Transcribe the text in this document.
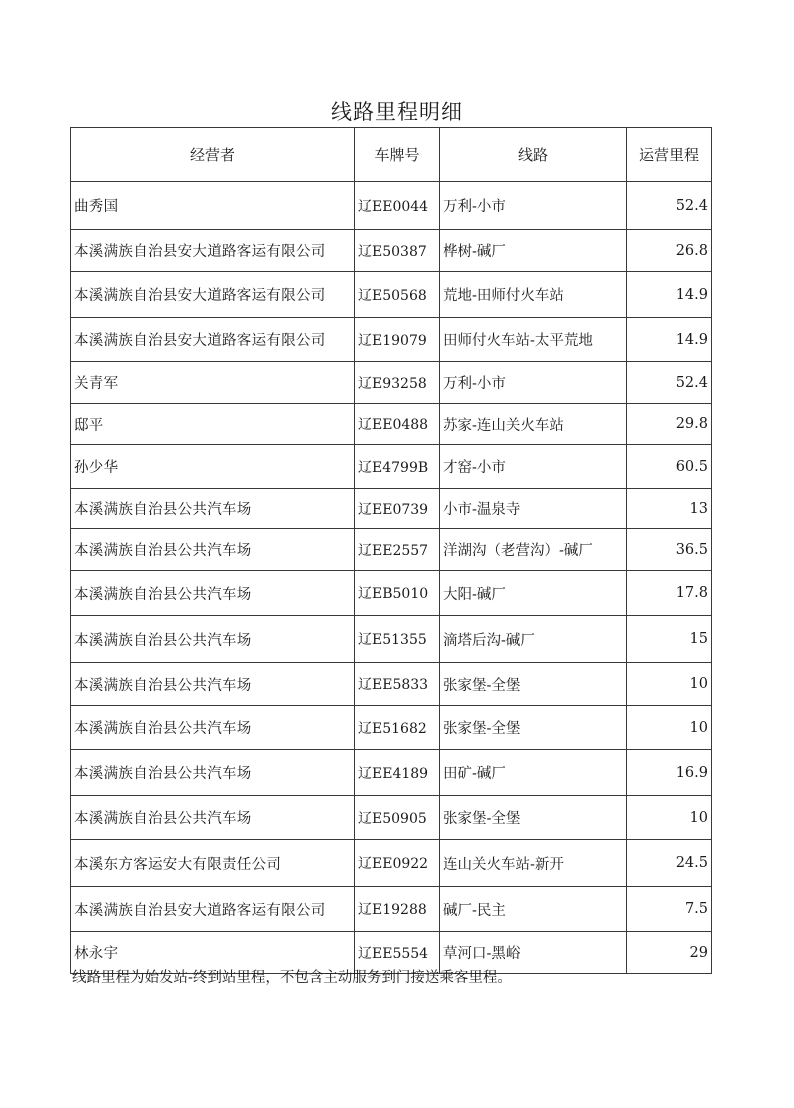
线路里程明细
经营者	车牌号	线路	运营里程
曲秀国	辽EE0044	万利-小市	52.4
本溪满族自治县安大道路客运有限公司	辽E50387	桦树-碱厂	26.8
本溪满族自治县安大道路客运有限公司	辽E50568	荒地-田师付火车站	14.9
本溪满族自治县安大道路客运有限公司	辽E19079	田师付火车站-太平荒地	14.9
关青军	辽E93258	万利-小市	52.4
邸平	辽EE0488	苏家-连山关火车站	29.8
孙少华	辽E4799B	才窑-小市	60.5
本溪满族自治县公共汽车场	辽EE0739	小市-温泉寺	13
本溪满族自治县公共汽车场	辽EE2557	洋湖沟（老营沟）-碱厂	36.5
本溪满族自治县公共汽车场	辽EB5010	大阳-碱厂	17.8
本溪满族自治县公共汽车场	辽E51355	滴塔后沟-碱厂	15
本溪满族自治县公共汽车场	辽EE5833	张家堡-全堡	10
本溪满族自治县公共汽车场	辽E51682	张家堡-全堡	10
本溪满族自治县公共汽车场	辽EE4189	田矿-碱厂	16.9
本溪满族自治县公共汽车场	辽E50905	张家堡-全堡	10
本溪东方客运安大有限责任公司	辽EE0922	连山关火车站-新开	24.5
本溪满族自治县安大道路客运有限公司	辽E19288	碱厂-民主	7.5
林永宇	辽EE5554	草河口-黑峪	29
线路里程为始发站-终到站里程，不包含主动服务到门接送乘客里程。
